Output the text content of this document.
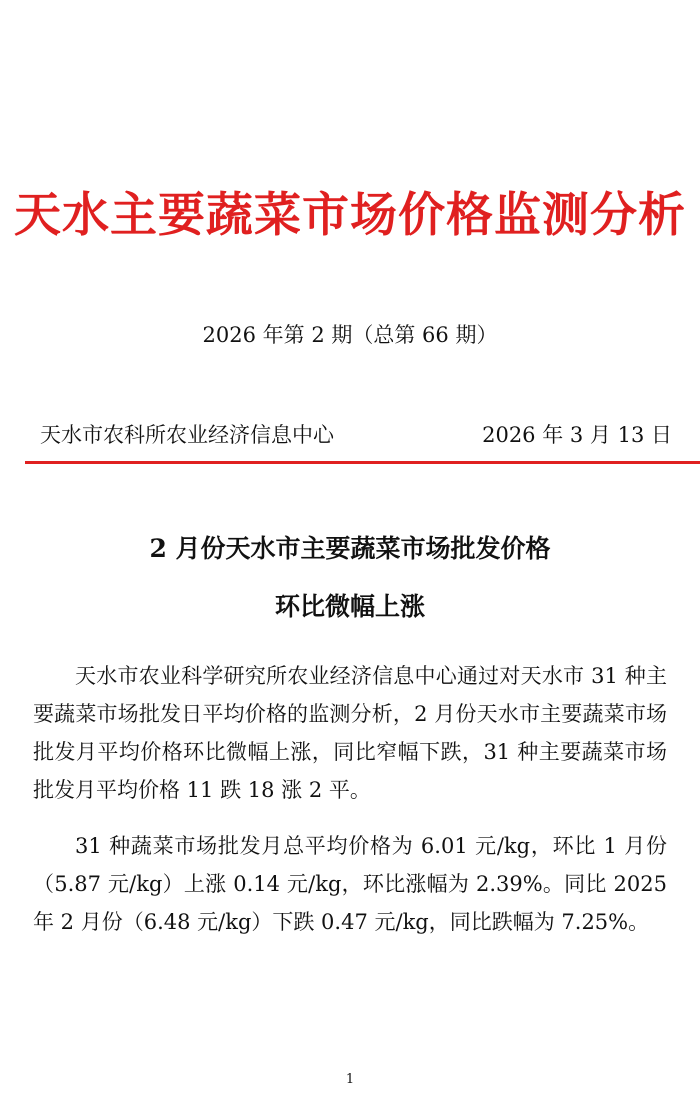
天水主要蔬菜市场价格监测分析
2026 年第 2 期（总第 66 期）
天水市农科所农业经济信息中心	2026 年 3 月 13 日
2 月份天水市主要蔬菜市场批发价格
环比微幅上涨

天水市农业科学研究所农业经济信息中心通过对天水市 31 种主要蔬菜市场批发日平均价格的监测分析，2 月份天水市主要蔬菜市场批发月平均价格环比微幅上涨，同比窄幅下跌，31 种主要蔬菜市场批发月平均价格 11 跌 18 涨 2 平。

31 种蔬菜市场批发月总平均价格为 6.01 元/kg，环比 1 月份（5.87 元/kg）上涨 0.14 元/kg，环比涨幅为 2.39%。同比 2025 年 2 月份（6.48 元/kg）下跌 0.47 元/kg，同比跌幅为 7.25%。

1
